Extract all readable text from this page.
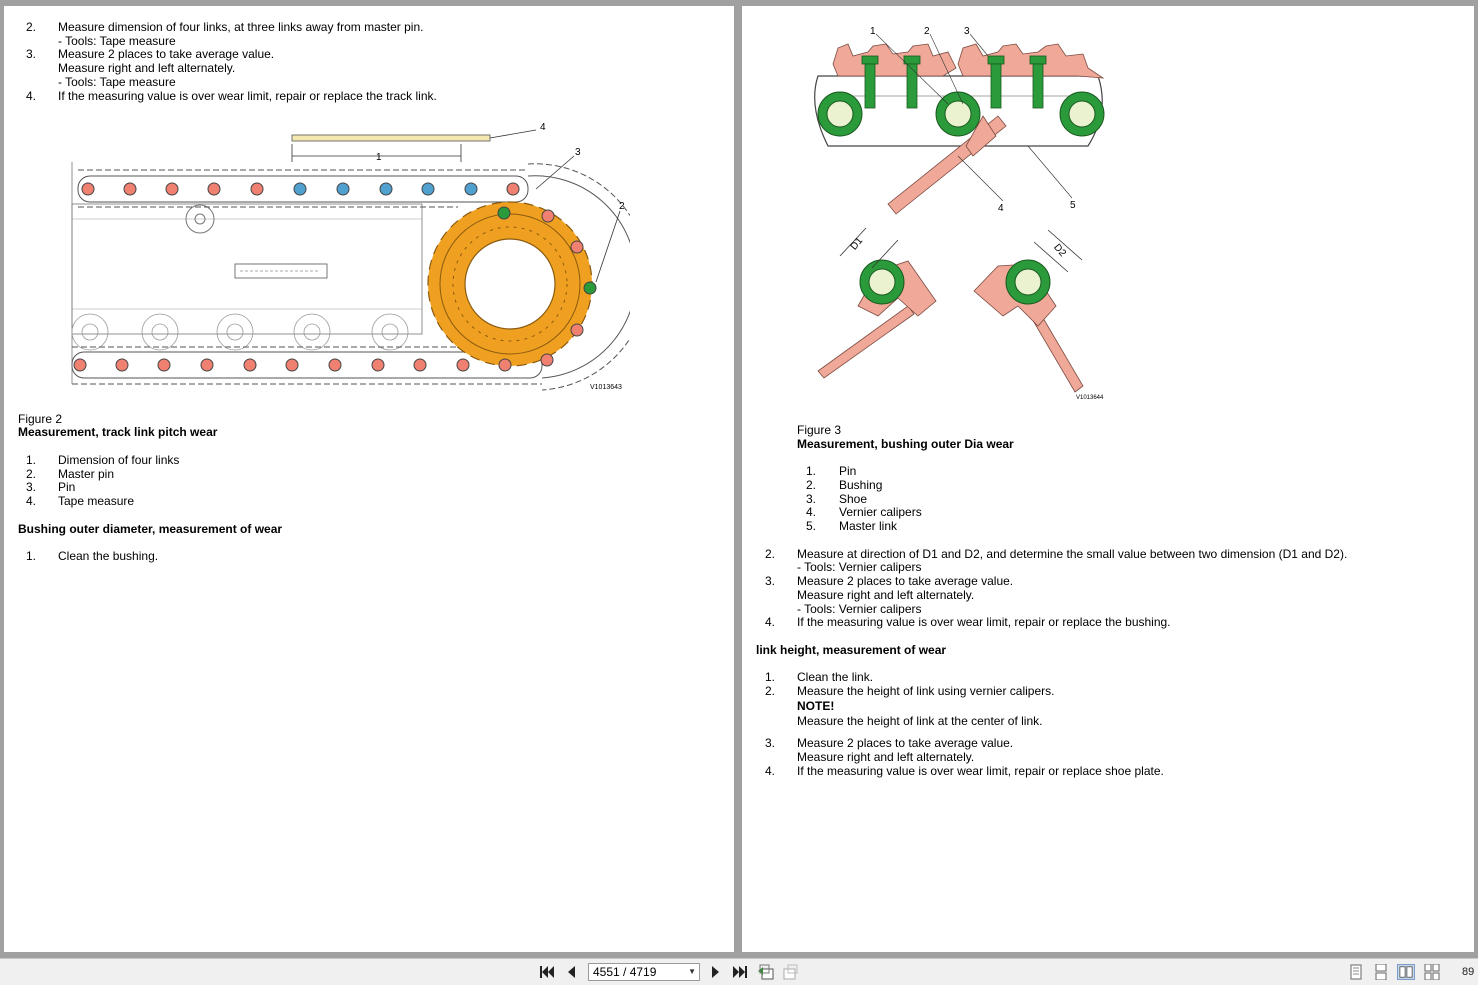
2. Measure dimension of four links, at three links away from master pin.
- Tools: Tape measure
3. Measure 2 places to take average value.
Measure right and left alternately.
- Tools: Tape measure
4. If the measuring value is over wear limit, repair or replace the track link.
1
2
3
4
V1013643
Figure 2
Measurement, track link pitch wear
1. Dimension of four links
2. Master pin
3. Pin
4. Tape measure
Bushing outer diameter, measurement of wear
1. Clean the bushing.
1	2	3
4	5
D1	D2
V1013644
Figure 3
Measurement, bushing outer Dia wear
1. Pin
2. Bushing
3. Shoe
4. Vernier calipers
5. Master link
2. Measure at direction of D1 and D2, and determine the small value between two dimension (D1 and D2).
- Tools: Vernier calipers
3. Measure 2 places to take average value.
Measure right and left alternately.
- Tools: Vernier calipers
4. If the measuring value is over wear limit, repair or replace the bushing.
link height, measurement of wear
1. Clean the link.
2. Measure the height of link using vernier calipers.
NOTE!
Measure the height of link at the center of link.
3. Measure 2 places to take average value.
Measure right and left alternately.
4. If the measuring value is over wear limit, repair or replace shoe plate.
4551 / 4719	▼	89
